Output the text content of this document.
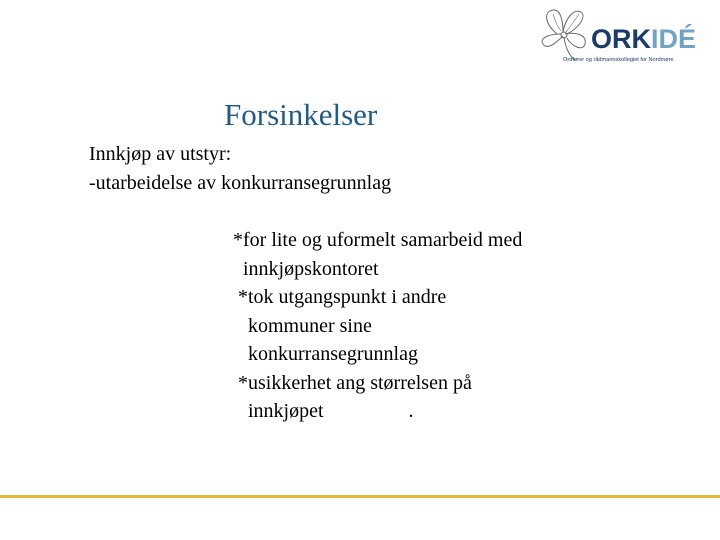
ORKIDÉ
Ordfører og rådmannskollegiet for Nordmøre
Forsinkelser
Innkjøp av utstyr:
-utarbeidelse av konkurransegrunnlag
*for lite og uformelt samarbeid med
innkjøpskontoret
*tok utgangspunkt i andre
kommuner sine
konkurransegrunnlag
*usikkerhet ang størrelsen på
innkjøpet                 .
